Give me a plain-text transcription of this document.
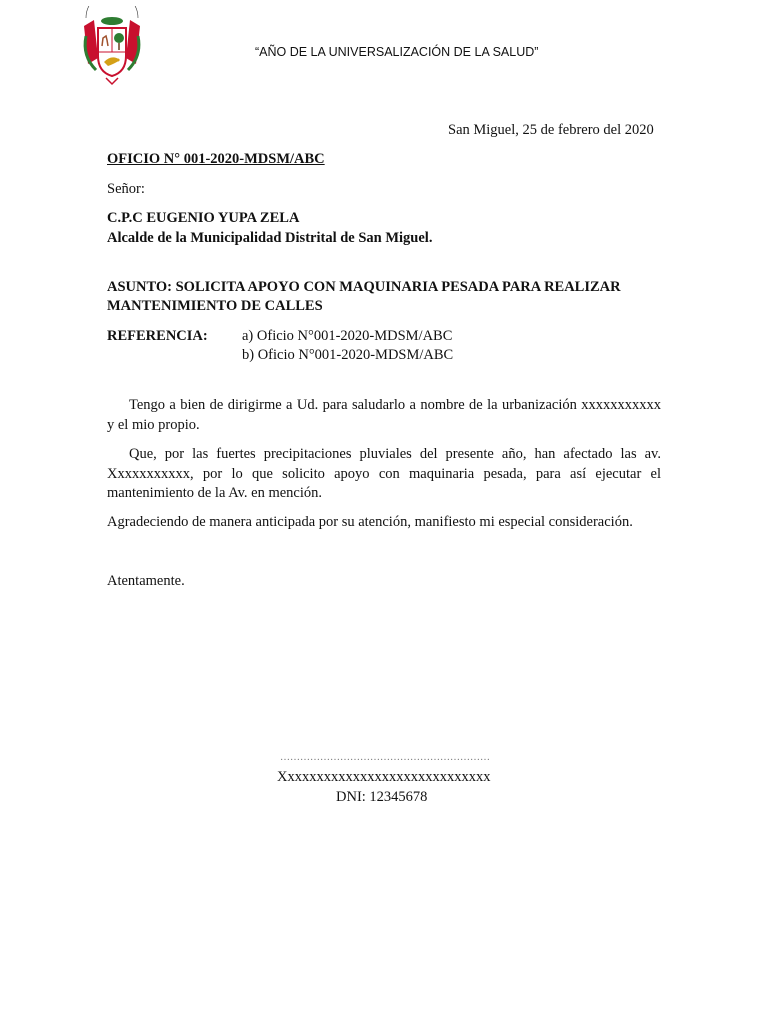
“AÑO DE LA UNIVERSALIZACIÓN DE LA SALUD”
San Miguel, 25 de febrero del 2020
OFICIO N° 001-2020-MDSM/ABC
Señor:
C.P.C EUGENIO YUPA ZELA
Alcalde de la Municipalidad Distrital de San Miguel.
ASUNTO: SOLICITA APOYO CON MAQUINARIA PESADA PARA REALIZAR
MANTENIMIENTO DE CALLES
REFERENCIA: a) Oficio N°001-2020-MDSM/ABC
b) Oficio N°001-2020-MDSM/ABC
Tengo a bien de dirigirme a Ud. para saludarlo a nombre de la urbanización xxxxxxxxxxx y el mio propio.
Que, por las fuertes precipitaciones pluviales del presente año, han afectado las av. Xxxxxxxxxxx, por lo que solicito apoyo con maquinaria pesada, para así ejecutar el mantenimiento de la Av. en mención.
Agradeciendo de manera anticipada por su atención, manifiesto mi especial consideración.
Atentamente.
………………………………………………………
Xxxxxxxxxxxxxxxxxxxxxxxxxxxxx
DNI: 12345678
